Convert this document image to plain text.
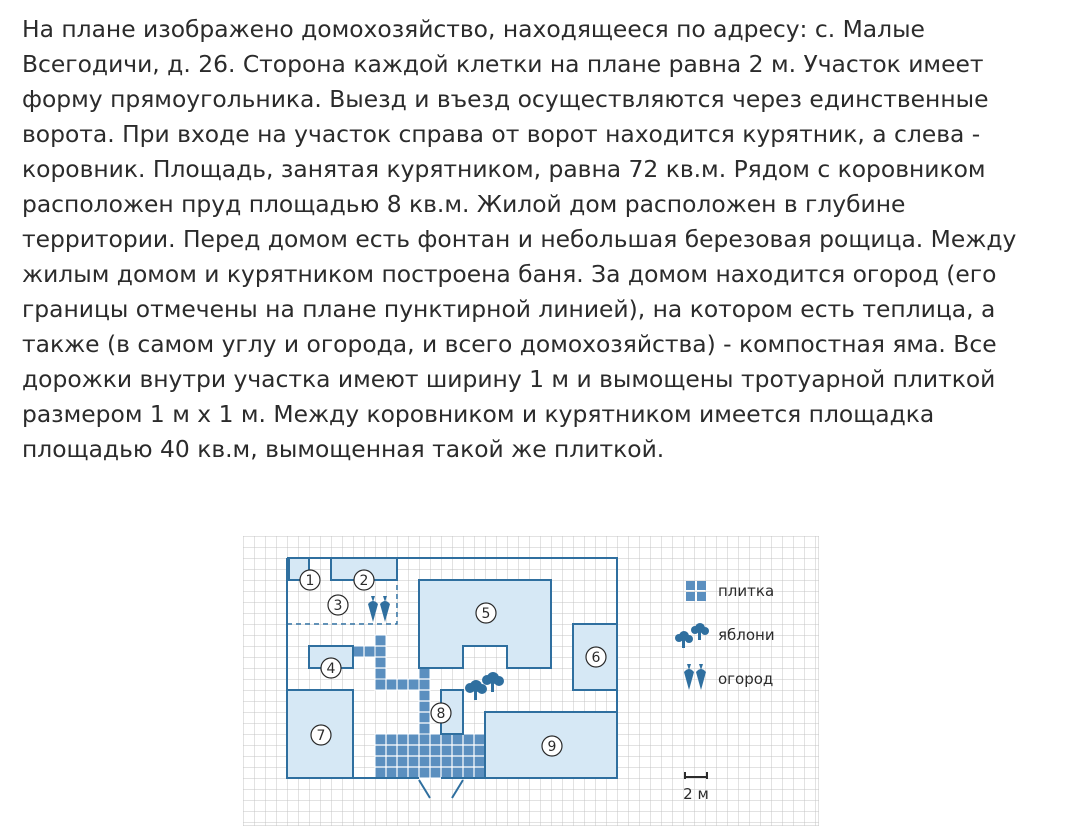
На плане изображено домохозяйство, находящееся по адресу: с. Малые Всегодичи, д. 26. Сторона каждой клетки на плане равна 2 м. Участок имеет форму прямоугольника. Выезд и въезд осуществляются через единственные ворота. При входе на участок справа от ворот находится курятник, а слева - коровник. Площадь, занятая курятником, равна 72 кв.м. Рядом с коровником расположен пруд площадью 8 кв.м. Жилой дом расположен в глубине территории. Перед домом есть фонтан и небольшая березовая рощица. Между жилым домом и курятником построена баня. За домом находится огород (его границы отмечены на плане пунктирной линией), на котором есть теплица, а также (в самом углу и огорода, и всего домохозяйства) - компостная яма. Все дорожки внутри участка имеют ширину 1 м и вымощены тротуарной плиткой размером 1 м x 1 м. Между коровником и курятником имеется площадка площадью 40 кв.м, вымощенная такой же плиткой.

1	2
3
4
5
6
7
8
9
плитка
яблони
огород
2 м
